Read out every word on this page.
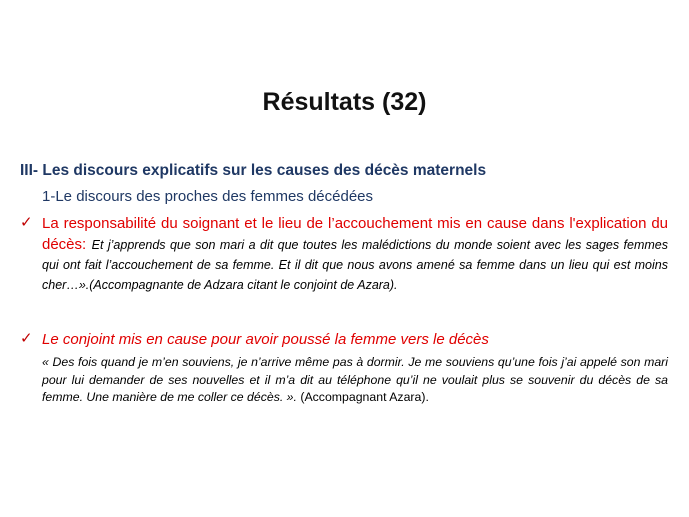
Résultats (32)
III- Les discours explicatifs sur les causes des décès maternels
1-Le discours des proches des femmes décédées
✓ La responsabilité du soignant et le lieu de l’accouchement mis en cause dans l'explication du décès: Et j’apprends que son mari a dit que toutes les malédictions du monde soient avec les sages femmes qui ont fait l’accouchement de sa femme. Et il dit que nous avons amené sa femme dans un lieu qui est moins cher…».(Accompagnante de Adzara citant le conjoint de Azara).
✓ Le conjoint mis en cause pour avoir poussé la femme vers le décès
« Des fois quand je m’en souviens, je n’arrive même pas à dormir. Je me souviens qu’une fois j’ai appelé son mari pour lui demander de ses nouvelles et il m’a dit au téléphone qu’il ne voulait plus se souvenir du décès de sa femme. Une manière de me coller ce décès. ». (Accompagnant Azara).
